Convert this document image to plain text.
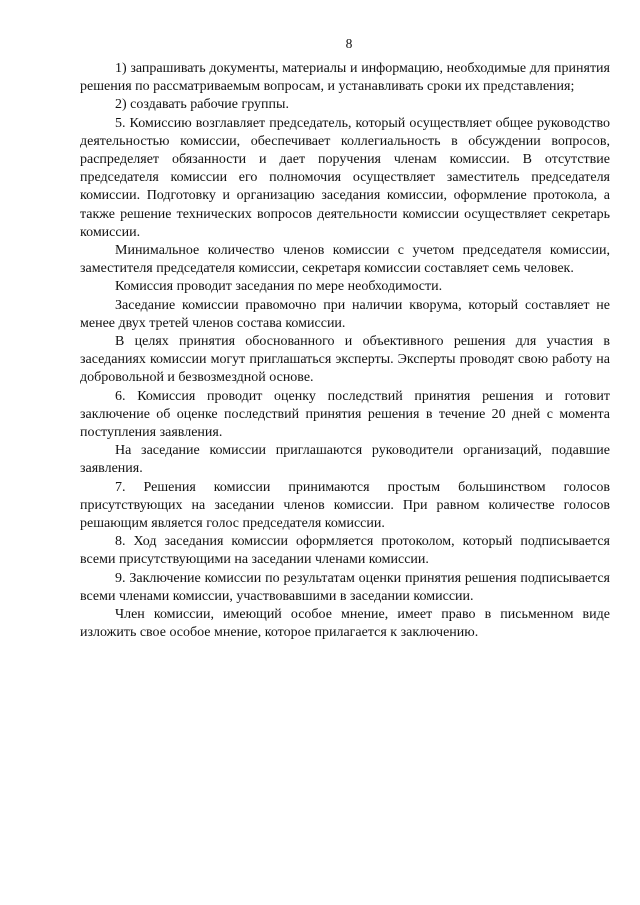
8

1) запрашивать документы, материалы и информацию, необходимые для принятия решения по рассматриваемым вопросам, и устанавливать сроки их представления;

2) создавать рабочие группы.

5. Комиссию возглавляет председатель, который осуществляет общее руководство деятельностью комиссии, обеспечивает коллегиальность в обсуждении вопросов, распределяет обязанности и дает поручения членам комиссии. В отсутствие председателя комиссии его полномочия осуществляет заместитель председателя комиссии. Подготовку и организацию заседания комиссии, оформление протокола, а также решение технических вопросов деятельности комиссии осуществляет секретарь комиссии.

Минимальное количество членов комиссии с учетом председателя комиссии, заместителя председателя комиссии, секретаря комиссии составляет семь человек.

Комиссия проводит заседания по мере необходимости.

Заседание комиссии правомочно при наличии кворума, который составляет не менее двух третей членов состава комиссии.

В целях принятия обоснованного и объективного решения для участия в заседаниях комиссии могут приглашаться эксперты. Эксперты проводят свою работу на добровольной и безвозмездной основе.

6. Комиссия проводит оценку последствий принятия решения и готовит заключение об оценке последствий принятия решения в течение 20 дней с момента поступления заявления.

На заседание комиссии приглашаются руководители организаций, подавшие заявления.

7. Решения комиссии принимаются простым большинством голосов присутствующих на заседании членов комиссии. При равном количестве голосов решающим является голос председателя комиссии.

8. Ход заседания комиссии оформляется протоколом, который подписывается всеми присутствующими на заседании членами комиссии.

9. Заключение комиссии по результатам оценки принятия решения подписывается всеми членами комиссии, участвовавшими в заседании комиссии.

Член комиссии, имеющий особое мнение, имеет право в письменном виде изложить свое особое мнение, которое прилагается к заключению.
